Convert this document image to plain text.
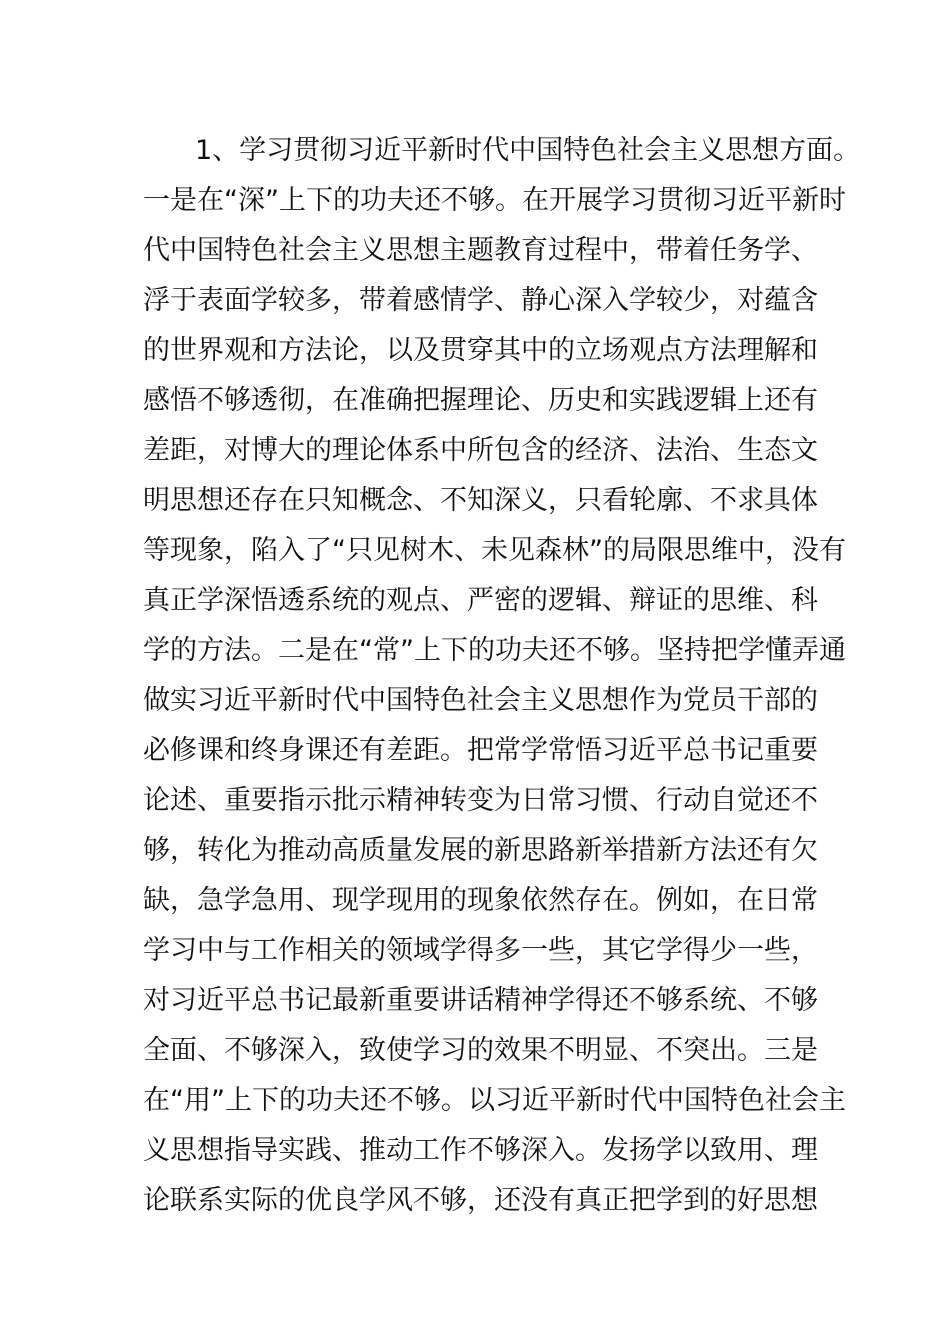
1、学习贯彻习近平新时代中国特色社会主义思想方面。
一是在“深”上下的功夫还不够。在开展学习贯彻习近平新时
代中国特色社会主义思想主题教育过程中，带着任务学、
浮于表面学较多，带着感情学、静心深入学较少，对蕴含
的世界观和方法论，以及贯穿其中的立场观点方法理解和
感悟不够透彻，在准确把握理论、历史和实践逻辑上还有
差距，对博大的理论体系中所包含的经济、法治、生态文
明思想还存在只知概念、不知深义，只看轮廓、不求具体
等现象，陷入了“只见树木、未见森林”的局限思维中，没有
真正学深悟透系统的观点、严密的逻辑、辩证的思维、科
学的方法。二是在“常”上下的功夫还不够。坚持把学懂弄通
做实习近平新时代中国特色社会主义思想作为党员干部的
必修课和终身课还有差距。把常学常悟习近平总书记重要
论述、重要指示批示精神转变为日常习惯、行动自觉还不
够，转化为推动高质量发展的新思路新举措新方法还有欠
缺，急学急用、现学现用的现象依然存在。例如，在日常
学习中与工作相关的领域学得多一些，其它学得少一些，
对习近平总书记最新重要讲话精神学得还不够系统、不够
全面、不够深入，致使学习的效果不明显、不突出。三是
在“用”上下的功夫还不够。以习近平新时代中国特色社会主
义思想指导实践、推动工作不够深入。发扬学以致用、理
论联系实际的优良学风不够，还没有真正把学到的好思想
